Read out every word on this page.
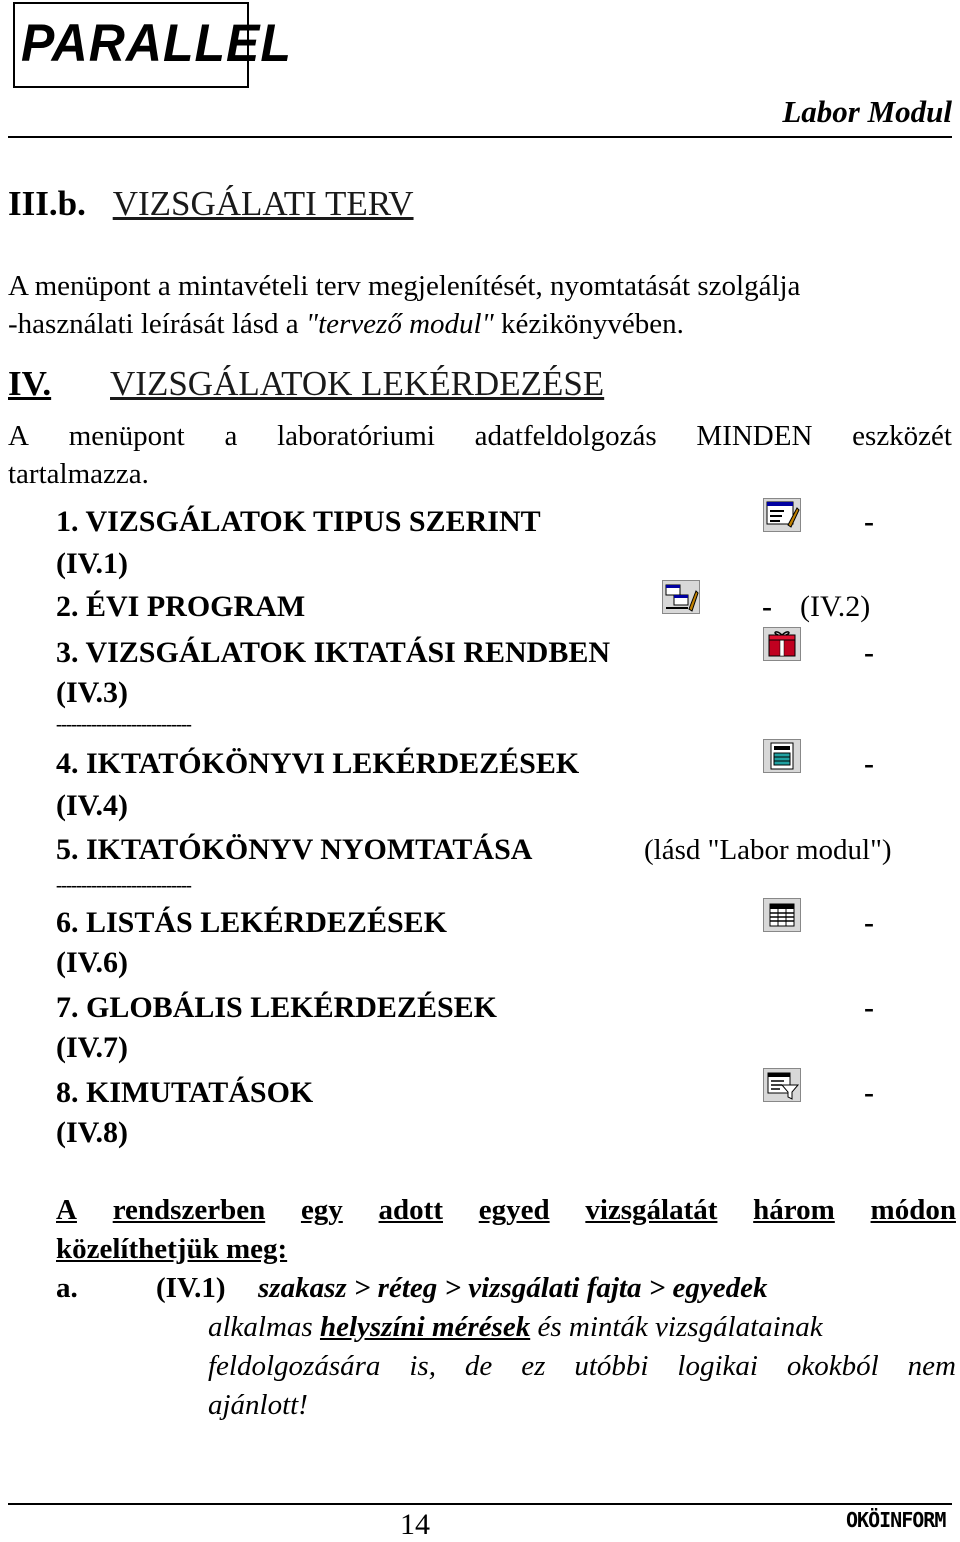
PARALLEL
Labor Modul
III.b. VIZSGÁLATI TERV
A menüpont a mintavételi terv megjelenítését, nyomtatását szolgálja
-használati leírását lásd a "tervező modul" kézikönyvében.
IV. VIZSGÁLATOK LEKÉRDEZÉSE
A menüpont a laboratóriumi adatfeldolgozás MINDEN eszközét
tartalmazza.
1. VIZSGÁLATOK TIPUS SZERINT	-
(IV.1)
2. ÉVI PROGRAM	- (IV.2)
3. VIZSGÁLATOK IKTATÁSI RENDBEN	-
(IV.3)
---------------------------
4. IKTATÓKÖNYVI LEKÉRDEZÉSEK	-
(IV.4)
5. IKTATÓKÖNYV NYOMTATÁSA	(lásd "Labor modul")
---------------------------
6. LISTÁS LEKÉRDEZÉSEK	-
(IV.6)
7. GLOBÁLIS LEKÉRDEZÉSEK	-
(IV.7)
8. KIMUTATÁSOK	-
(IV.8)
A rendszerben egy adott egyed vizsgálatát három módon
közelíthetjük meg:
a.	(IV.1) szakasz > réteg > vizsgálati fajta > egyedek
alkalmas helyszíni mérések és minták vizsgálatainak
feldolgozására is, de ez utóbbi logikai okokból nem
ajánlott!
14	OKÖINFORM
